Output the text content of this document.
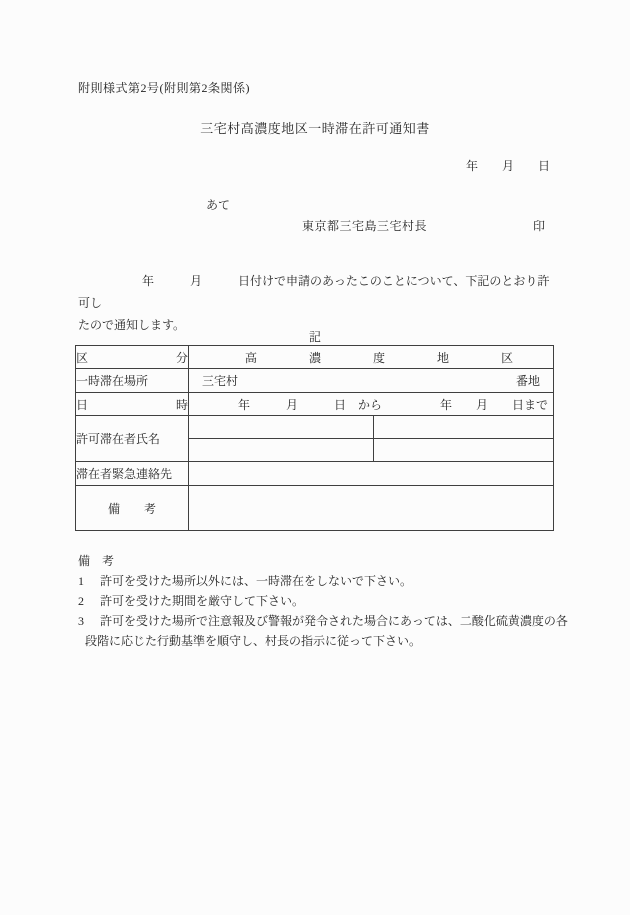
附則様式第2号(附則第2条関係)
三宅村高濃度地区一時滞在許可通知書
年　　月　　日
あて
東京都三宅島三宅村長	印
年　　　月　　　日付けで申請のあったこのことについて、下記のとおり許可し
たので通知します。
記
区 分	高 濃 度 地 区	

一時滞在場所	三宅村 番地	

日 時	年　　　月　　　日　から 年　　月　　日まで	

許可滞在者氏名		

滞在者緊急連絡先		
備　　考		
備　考
1	許可を受けた場所以外には、一時滞在をしないで下さい。
2	許可を受けた期間を厳守して下さい。
3	許可を受けた場所で注意報及び警報が発令された場合にあっては、二酸化硫黄濃度の各
段階に応じた行動基準を順守し、村長の指示に従って下さい。
